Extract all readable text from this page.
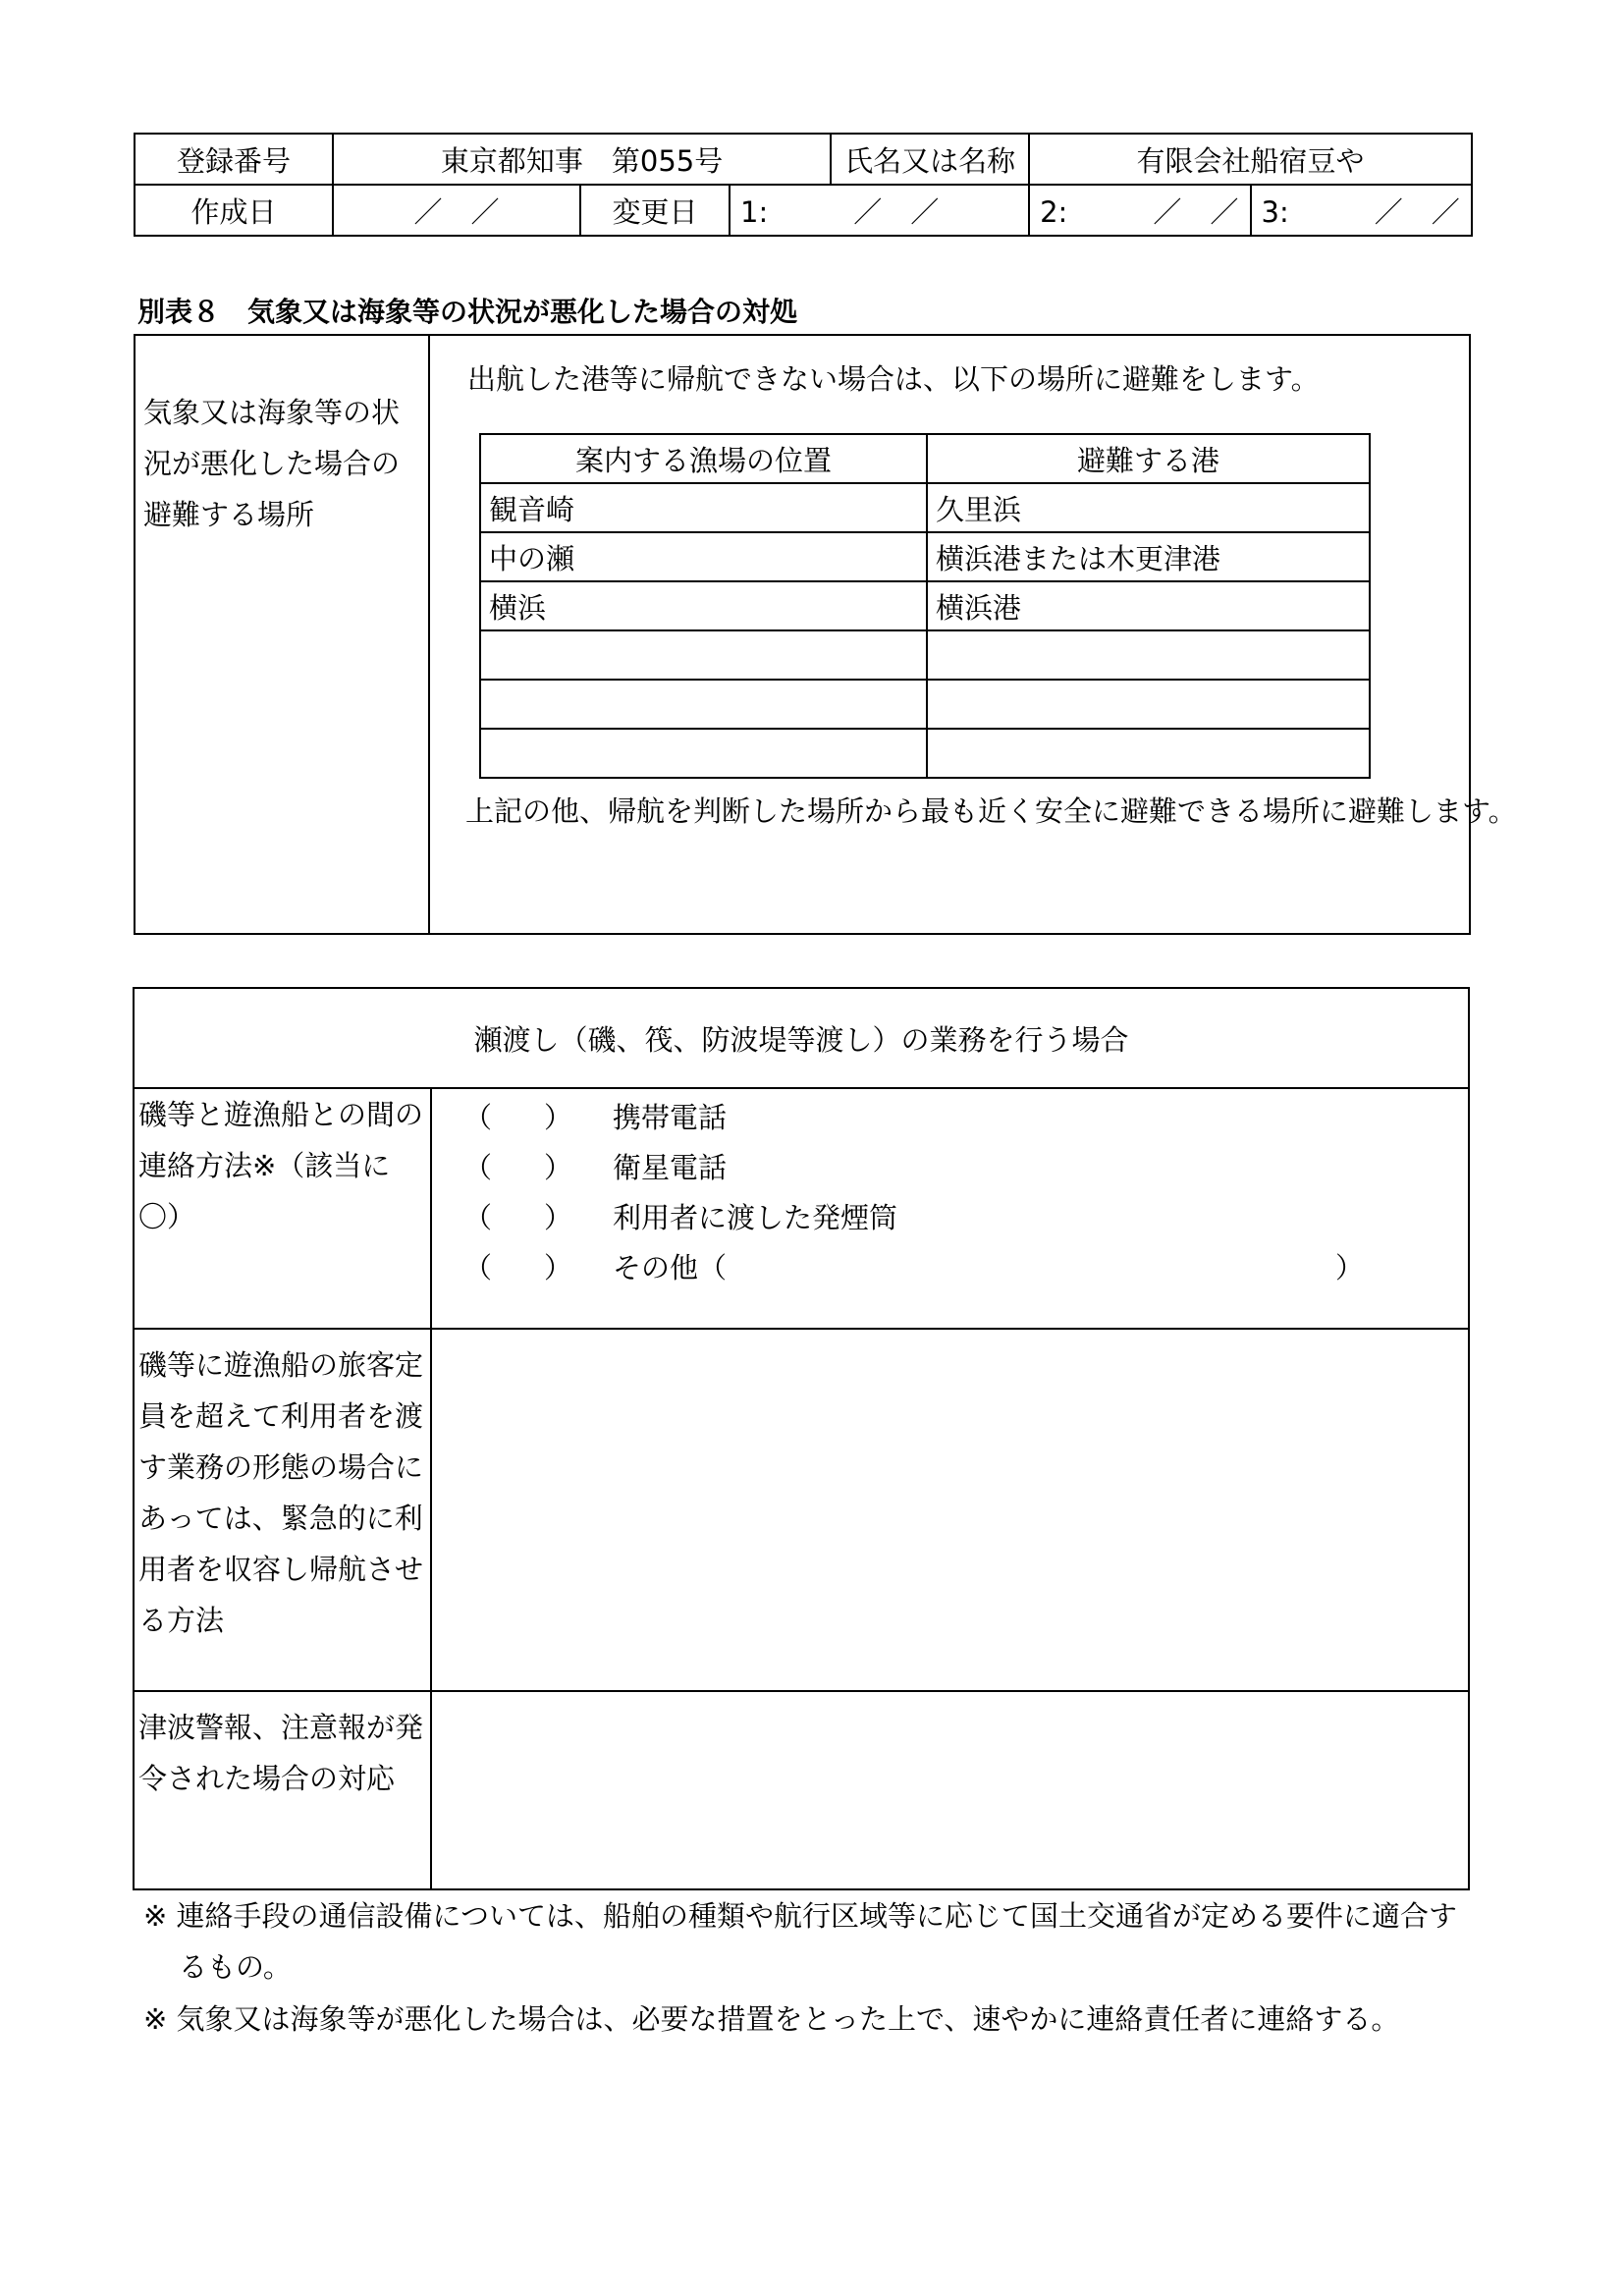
登録番号	東京都知事　第055号			氏名又は名称	有限会社船宿豆や	
作成日	／　／	変更日	1:　　　／　／		2:　　　／　／	3:　　　／　／
別表８　気象又は海象等の状況が悪化した場合の対処
気象又は海象等の状況が悪化した場合の避難する場所
出航した港等に帰航できない場合は、以下の場所に避難をします。
案内する漁場の位置	避難する港
観音崎	久里浜
中の瀬	横浜港または木更津港
横浜	横浜港

上記の他、帰航を判断した場所から最も近く安全に避難できる場所に避難します。
瀬渡し（磯、筏、防波堤等渡し）の業務を行う場合	
磯等と遊漁船との間の連絡方法※（該当に〇）	（ ） 携帯電話
（ ） 衛星電話
（ ） 利用者に渡した発煙筒
（ ） その他（ ）

磯等に遊漁船の旅客定員を超えて利用者を渡す業務の形態の場合にあっては、緊急的に利用者を収容し帰航させる方法	
津波警報、注意報が発令された場合の対応	
※ 連絡手段の通信設備については、船舶の種類や航行区域等に応じて国土交通省が定める要件に適合するもの。
※ 気象又は海象等が悪化した場合は、必要な措置をとった上で、速やかに連絡責任者に連絡する。
